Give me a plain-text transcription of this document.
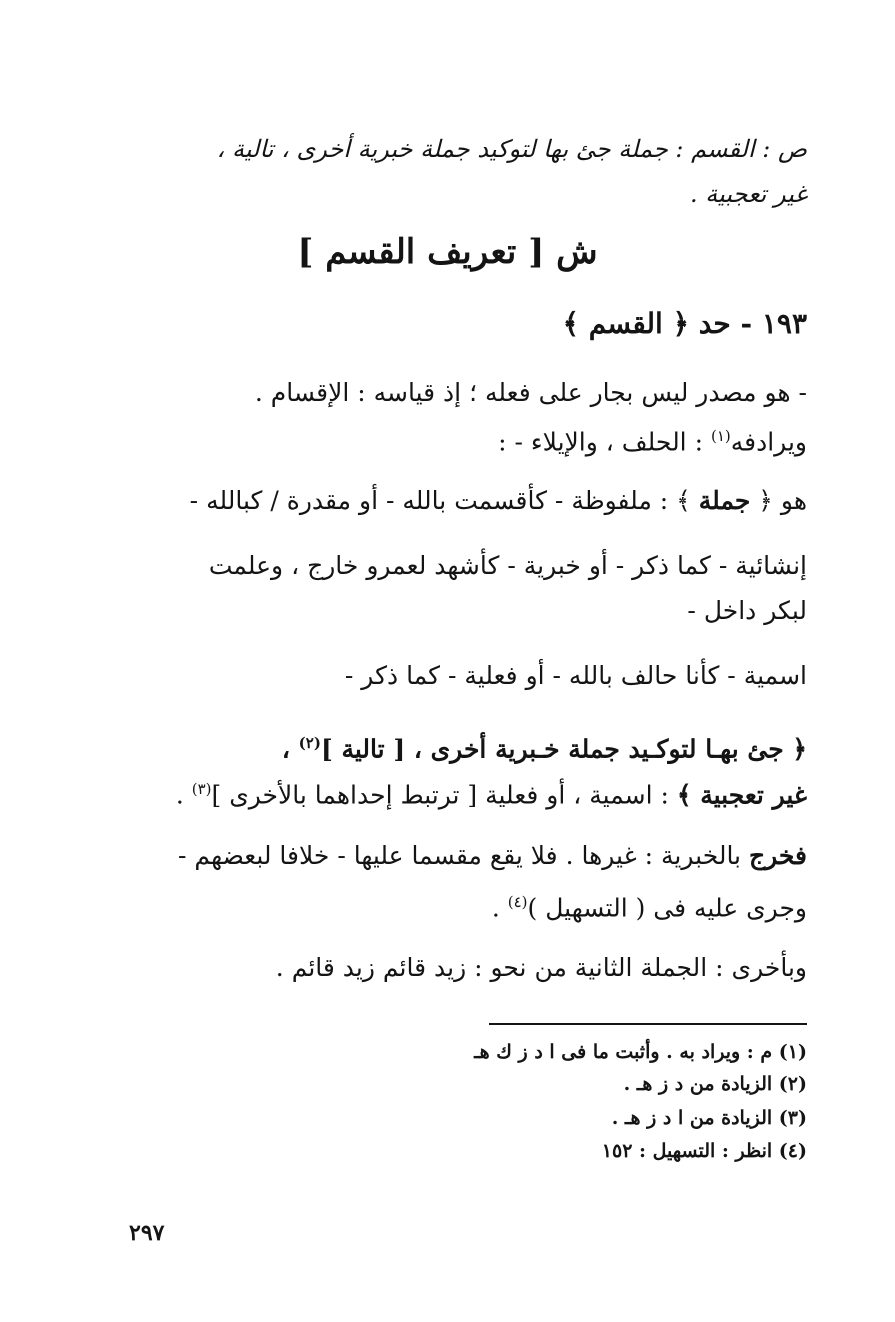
ص : القسم : جملة جئ بها لتوكيد جملة خبرية أخرى ، تالية ،
غير تعجبية .
ش [ تعريف القسم ]
١٩٣ - حد ﴿ القسم ﴾
- هو مصدر ليس بجار على فعله ؛ إذ قياسه : الإقسام .
ويرادفه$^{(١)}$ : الحلف ، والإيلاء - :
هو ﴿ جملة ﴾ : ملفوظة - كأقسمت بالله - أو مقدرة / كبالله -
إنشائية - كما ذكر - أو خبرية - كأشهد لعمرو خارج ، وعلمت
لبكر داخل -
اسمية - كأنا حالف بالله - أو فعلية - كما ذكر -
﴿ جئ بهـا لتوكـيد جملة خـبرية أخرى ، [ تالية ]$^{(٢)}$ ،
غير تعجبية ﴾ : اسمية ، أو فعلية [ ترتبط إحداهما بالأخرى ]$^{(٣)}$ .
فخرج بالخبرية : غيرها . فلا يقع مقسما عليها - خلافا لبعضهم -
وجرى عليه فى ( التسهيل )$^{(٤)}$ .
وبأخرى : الجملة الثانية من نحو : زيد قائم زيد قائم .
(١) م : ويراد به . وأثبت ما فى ا د ز ك هـ
(٢) الزيادة من د ز هـ .
(٣) الزيادة من ا د ز هـ .
(٤) انظر : التسهيل : ١٥٢
٢٩٧
